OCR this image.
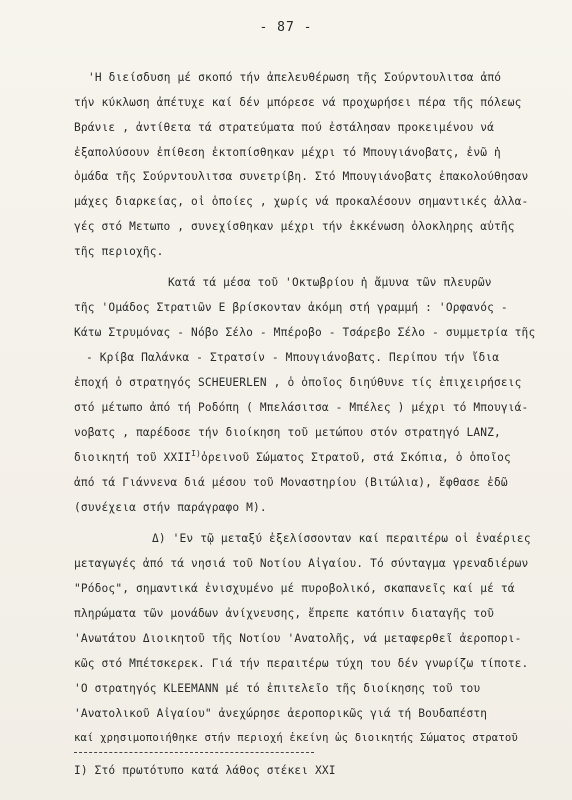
- 87 -
'Η διείσδυση μέ σκοπό τήν ἀπελευθέρωση τῆς Σούρντουλιτσα ἀπό
τήν κύκλωση ἀπέτυχε καί δέν μπόρεσε νά προχωρήσει πέρα τῆς πόλεως
Βράνιε , ἀντίθετα τά στρατεύματα πού ἐστάλησαν προκειμένου νά
ἐξαπολύσουν ἐπίθεση ἐκτοπίσθηκαν μέχρι τό Μπουγιάνοβατς, ἐνῶ ἡ
ὁμάδα τῆς Σούρντουλιτσα συνετρίβη. Στό Μπουγιάνοβατς ἐπακολούθησαν
μάχες διαρκείας, οἱ ὁποίες , χωρίς νά προκαλέσουν σημαντικές ἀλλα-
γές στό Μετωπο , συνεχίσθηκαν μέχρι τήν ἐκκένωση ὁλοκληρης αὐτῆς
τῆς περιοχῆς.
Κατά τά μέσα τοῦ 'Οκτωβρίου ἡ ἄμυνα τῶν πλευρῶν
τῆς 'Ομάδος Στρατιῶν Ε βρίσκονταν ἀκόμη στή γραμμή : 'Ορφανός -
Κάτω Στρυμόνας - Νόβο Σέλο - Μπέροβο - Τσάρεβο Σέλο - συμμετρία τῆς
- Κρίβα Παλάνκα - Στρατσίν - Μπουγιάνοβατς. Περίπου τήν ἴδια
ἐποχή ὁ στρατηγός SCHEUERLEN , ὁ ὁποῖος διηύθυνε τίς ἐπιχειρήσεις
στό μέτωπο ἀπό τή Ροδόπη ( Μπελάσιτσα - Μπέλες ) μέχρι τό Μπουγιά-
νοβατς , παρέδοσε τήν διοίκηση τοῦ μετώπου στόν στρατηγό LANZ,
διοικητή τοῦ $XXII^{I)}ὀ\rho\varepsilon\iota\nu oῦ$ Σώματος Στρατοῦ, στά Σκόπια, ὁ ὁποῖος
ἀπό τά Γιάννενα διά μέσου τοῦ Μοναστηρίου (Βιτώλια), ἔφθασε ἐδῶ
(συνέχεια στήν παράγραφο Μ).
Δ) 'Εν τῷ μεταξύ ἐξελίσσονταν καί περαιτέρω οἱ ἐναέριες
μεταγωγές ἀπό τά νησιά τοῦ Νοτίου Αἰγαίου. Τό σύνταγμα γρεναδιέρων
"Ρόδος", σημαντικά ἐνισχυμένο μέ πυροβολικό, σκαπανεῖς καί μέ τά
πληρώματα τῶν μονάδων ἀνίχνευσης, ἔπρεπε κατόπιν διαταγῆς τοῦ
'Ανωτάτου Διοικητοῦ τῆς Νοτίου 'Ανατολῆς, νά μεταφερθεῖ ἀεροπορι-
κῶς στό Μπέτσκερεκ. Γιά τήν περαιτέρω τύχη του δέν γνωρίζω τίποτε.
'Ο στρατηγός KLEEMANN μέ τό ἐπιτελεῖο τῆς διοίκησης τοῦ του
'Ανατολικοῦ Αἰγαίου" ἀνεχώρησε ἀεροπορικῶς γιά τή Βουδαπέστη
καί χρησιμοποιήθηκε στήν περιοχή ἐκείνη ὡς διοικητής Σώματος στρατοῦ
I) Στό πρωτότυπο κατά λάθος στέκει XXI
